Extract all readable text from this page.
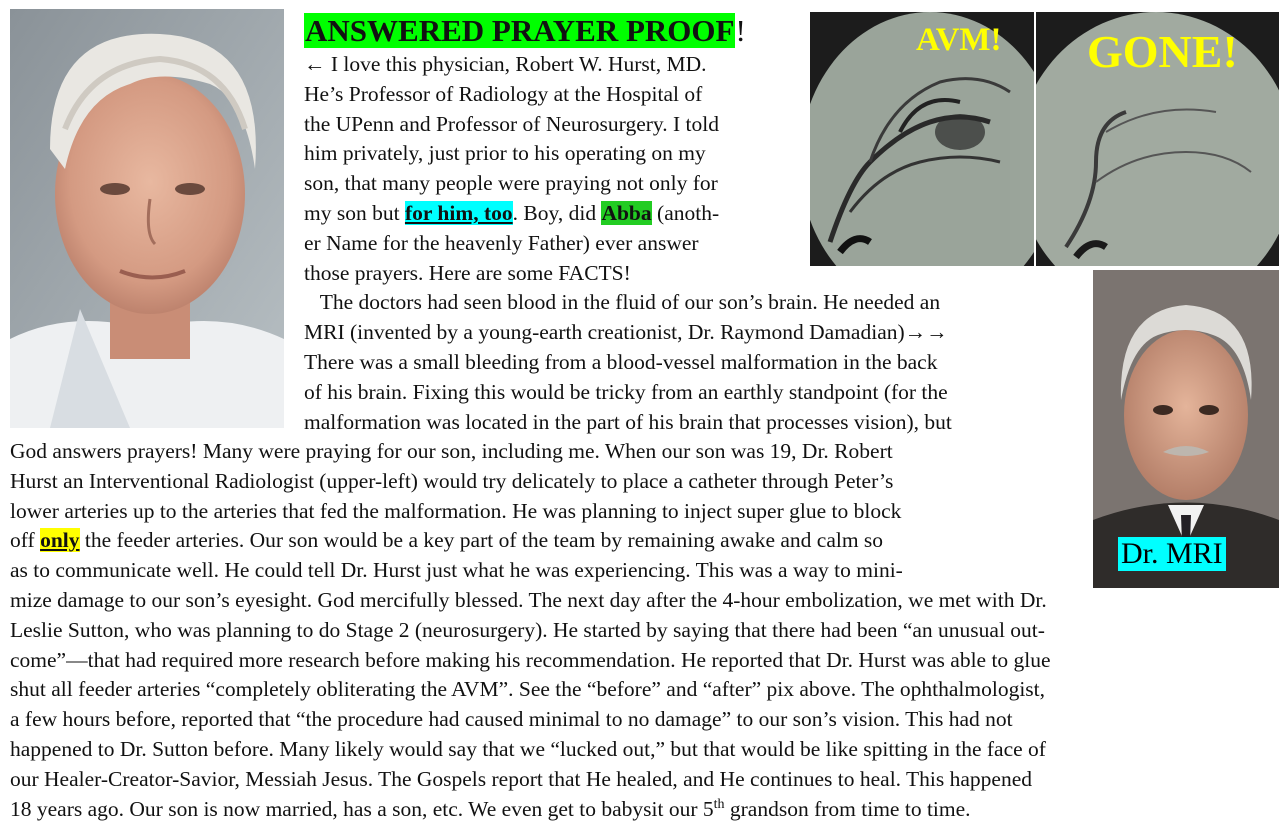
AVM! GONE!
Dr. MRI
ANSWERED PRAYER PROOF!
← I love this physician, Robert W. Hurst, MD.
He’s Professor of Radiology at the Hospital of
the UPenn and Professor of Neurosurgery. I told
him privately, just prior to his operating on my
son, that many people were praying not only for
my son but for him, too. Boy, did Abba (anoth-
er Name for the heavenly Father) ever answer
those prayers. Here are some FACTS!
The doctors had seen blood in the fluid of our son’s brain. He needed an
MRI (invented by a young-earth creationist, Dr. Raymond Damadian)→→
There was a small bleeding from a blood-vessel malformation in the back
of his brain. Fixing this would be tricky from an earthly standpoint (for the
malformation was located in the part of his brain that processes vision), but
God answers prayers! Many were praying for our son, including me. When our son was 19, Dr. Robert
Hurst an Interventional Radiologist (upper-left) would try delicately to place a catheter through Peter’s
lower arteries up to the arteries that fed the malformation. He was planning to inject super glue to block
off only the feeder arteries. Our son would be a key part of the team by remaining awake and calm so
as to communicate well. He could tell Dr. Hurst just what he was experiencing. This was a way to mini-
mize damage to our son’s eyesight. God mercifully blessed. The next day after the 4-hour embolization, we met with Dr.
Leslie Sutton, who was planning to do Stage 2 (neurosurgery). He started by saying that there had been “an unusual out-
come”—that had required more research before making his recommendation. He reported that Dr. Hurst was able to glue
shut all feeder arteries “completely obliterating the AVM”. See the “before” and “after” pix above. The ophthalmologist,
a few hours before, reported that “the procedure had caused minimal to no damage” to our son’s vision. This had not
happened to Dr. Sutton before. Many likely would say that we “lucked out,” but that would be like spitting in the face of
our Healer-Creator-Savior, Messiah Jesus. The Gospels report that He healed, and He continues to heal. This happened
18 years ago. Our son is now married, has a son, etc. We even get to babysit our 5th grandson from time to time.
